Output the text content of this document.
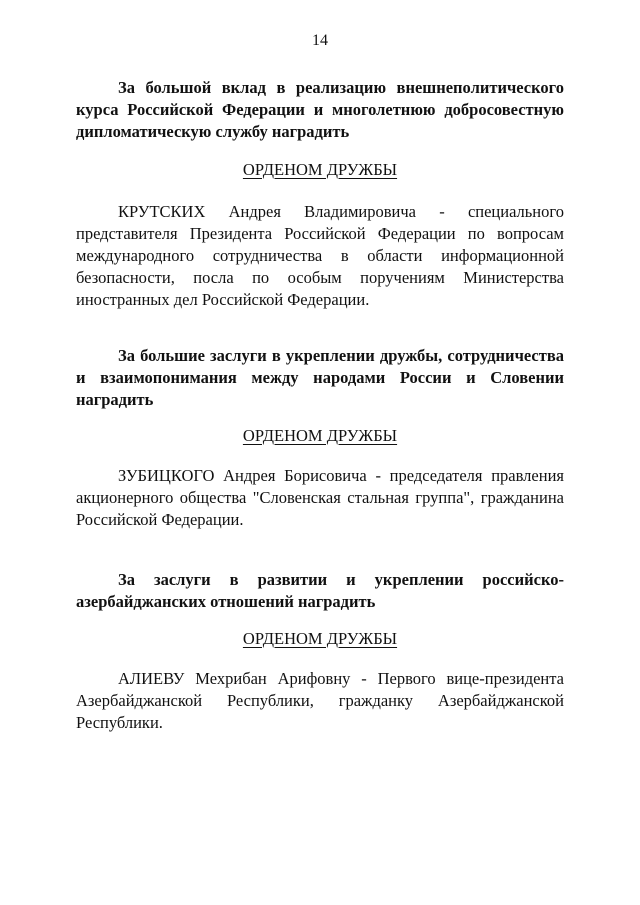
14

За большой вклад в реализацию внешнеполитического курса Российской Федерации и многолетнюю добросовестную дипломатическую службу наградить

ОРДЕНОМ ДРУЖБЫ

КРУТСКИХ Андрея Владимировича - специального представителя Президента Российской Федерации по вопросам международного сотрудничества в области информационной безопасности, посла по особым поручениям Министерства иностранных дел Российской Федерации.

За большие заслуги в укреплении дружбы, сотрудничества и взаимопонимания между народами России и Словении наградить

ОРДЕНОМ ДРУЖБЫ

ЗУБИЦКОГО Андрея Борисовича - председателя правления акционерного общества "Словенская стальная группа", гражданина Российской Федерации.

За заслуги в развитии и укреплении российско-азербайджанских отношений наградить

ОРДЕНОМ ДРУЖБЫ

АЛИЕВУ Мехрибан Арифовну - Первого вице-президента Азербайджанской Республики, гражданку Азербайджанской Республики.
